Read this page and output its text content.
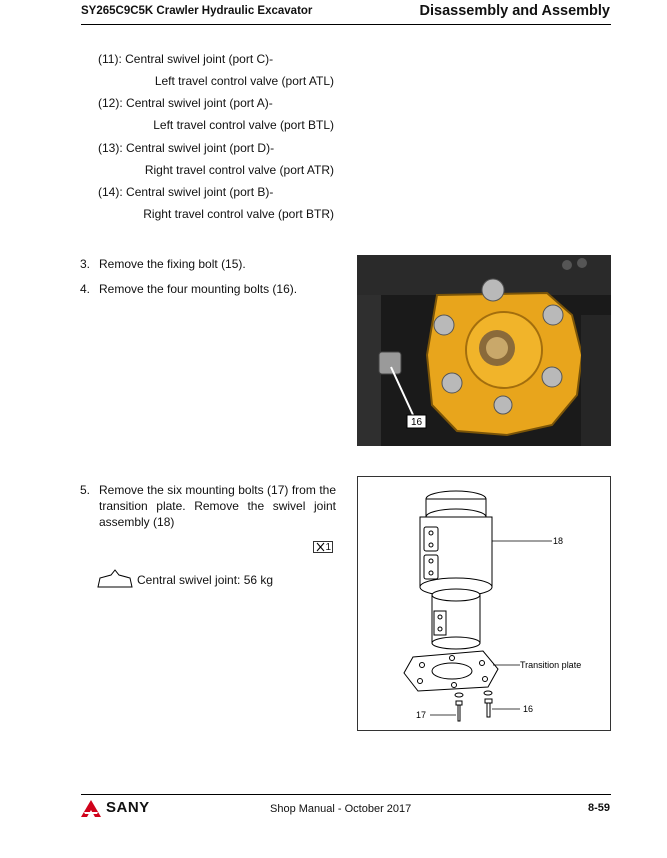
SY265C9C5K Crawler Hydraulic Excavator	Disassembly and Assembly
(11): Central swivel joint (port C)-
Left travel control valve (port ATL)
(12): Central swivel joint (port A)-
Left travel control valve (port BTL)
(13): Central swivel joint (port D)-
Right travel control valve (port ATR)
(14): Central swivel joint (port B)-
Right travel control valve (port BTR)
3. Remove the fixing bolt (15).
4. Remove the four mounting bolts (16).
5. Remove the six mounting bolts (17) from the transition plate. Remove the swivel joint assembly (18)
16
18
Transition plate
16
17
1
Central swivel joint: 56 kg
SANY	Shop Manual - October 2017	8-59
